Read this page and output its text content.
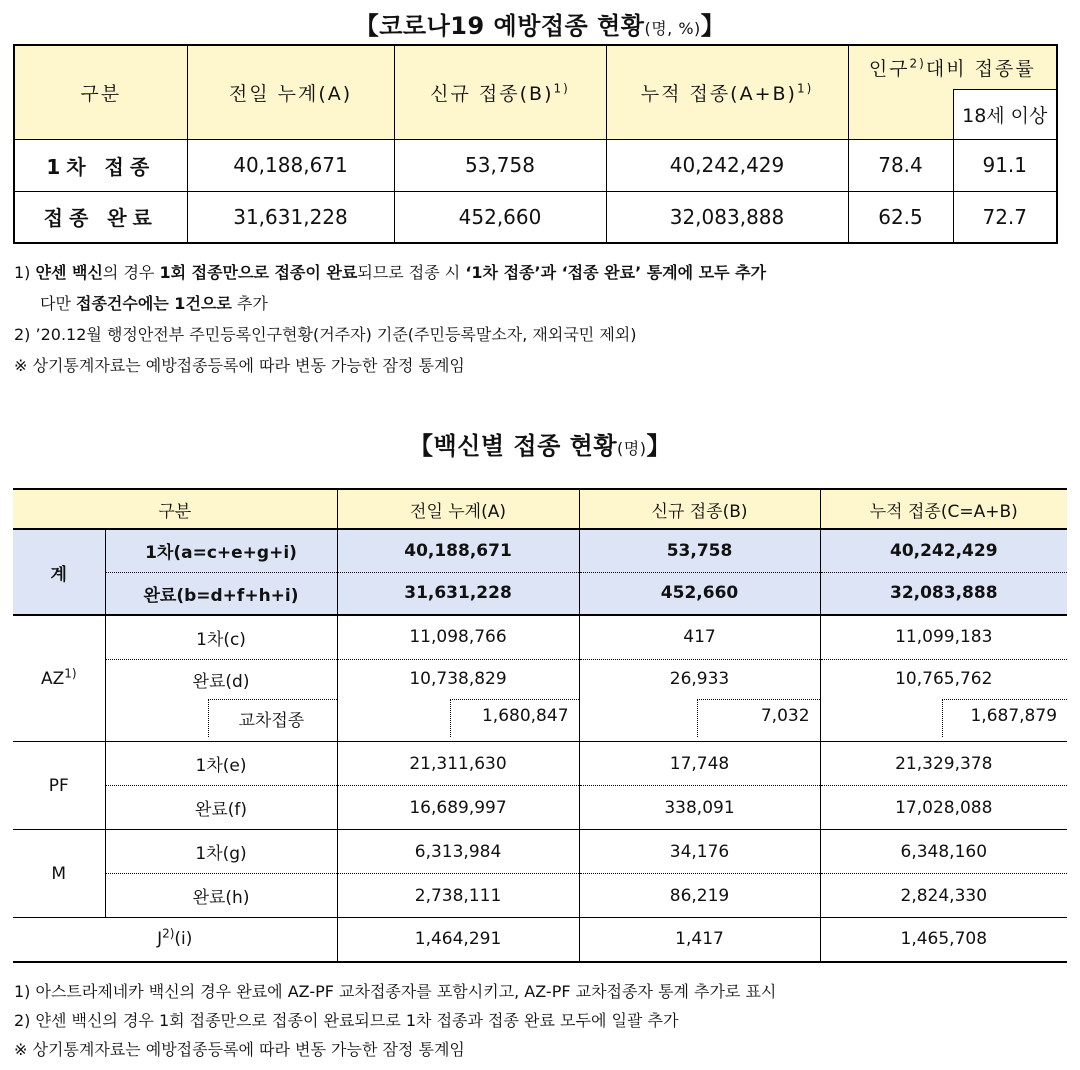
【코로나19 예방접종 현황(명, %)】
구분	전일 누계(A)	신규 접종$(B)^{1)}$	누적 접종$(A+B)^{1)}$	인구$^{2)}$대비 접종률	
					18세 이상
1차 접종	40,188,671	53,758	40,242,429	78.4	91.1
접종 완료	31,631,228	452,660	32,083,888	62.5	72.7
1) 얀센 백신의 경우 1회 접종만으로 접종이 완료되므로 접종 시 ‘1차 접종’과 ‘접종 완료’ 통계에 모두 추가
다만 접종건수에는 1건으로 추가
2) ’20.12월 행정안전부 주민등록인구현황(거주자) 기준(주민등록말소자, 재외국민 제외)
※ 상기통계자료는 예방접종등록에 따라 변동 가능한 잠정 통계임
【백신별 접종 현황(명)】
구분		전일 누계(A)	신규 접종(B)	누적 접종(C=A+B)
계	1차(a=c+e+g+i)	40,188,671	53,758	40,242,429
	완료(b=d+f+h+i)	31,631,228	452,660	32,083,888
AZ$^{1)}$	1차(c)	11,098,766	417	11,099,183
	완료(d)	10,738,829	26,933	10,765,762

	교차접종	1,680,847	7,032	1,687,879

PF	1차(e)	21,311,630	17,748	21,329,378
	완료(f)	16,689,997	338,091	17,028,088
M	1차(g)	6,313,984	34,176	6,348,160
	완료(h)	2,738,111	86,219	2,824,330
$J^{2)}(i)$		1,464,291	1,417	1,465,708
1) 아스트라제네카 백신의 경우 완료에 AZ-PF 교차접종자를 포함시키고, AZ-PF 교차접종자 통계 추가로 표시
2) 얀센 백신의 경우 1회 접종만으로 접종이 완료되므로 1차 접종과 접종 완료 모두에 일괄 추가
※ 상기통계자료는 예방접종등록에 따라 변동 가능한 잠정 통계임
